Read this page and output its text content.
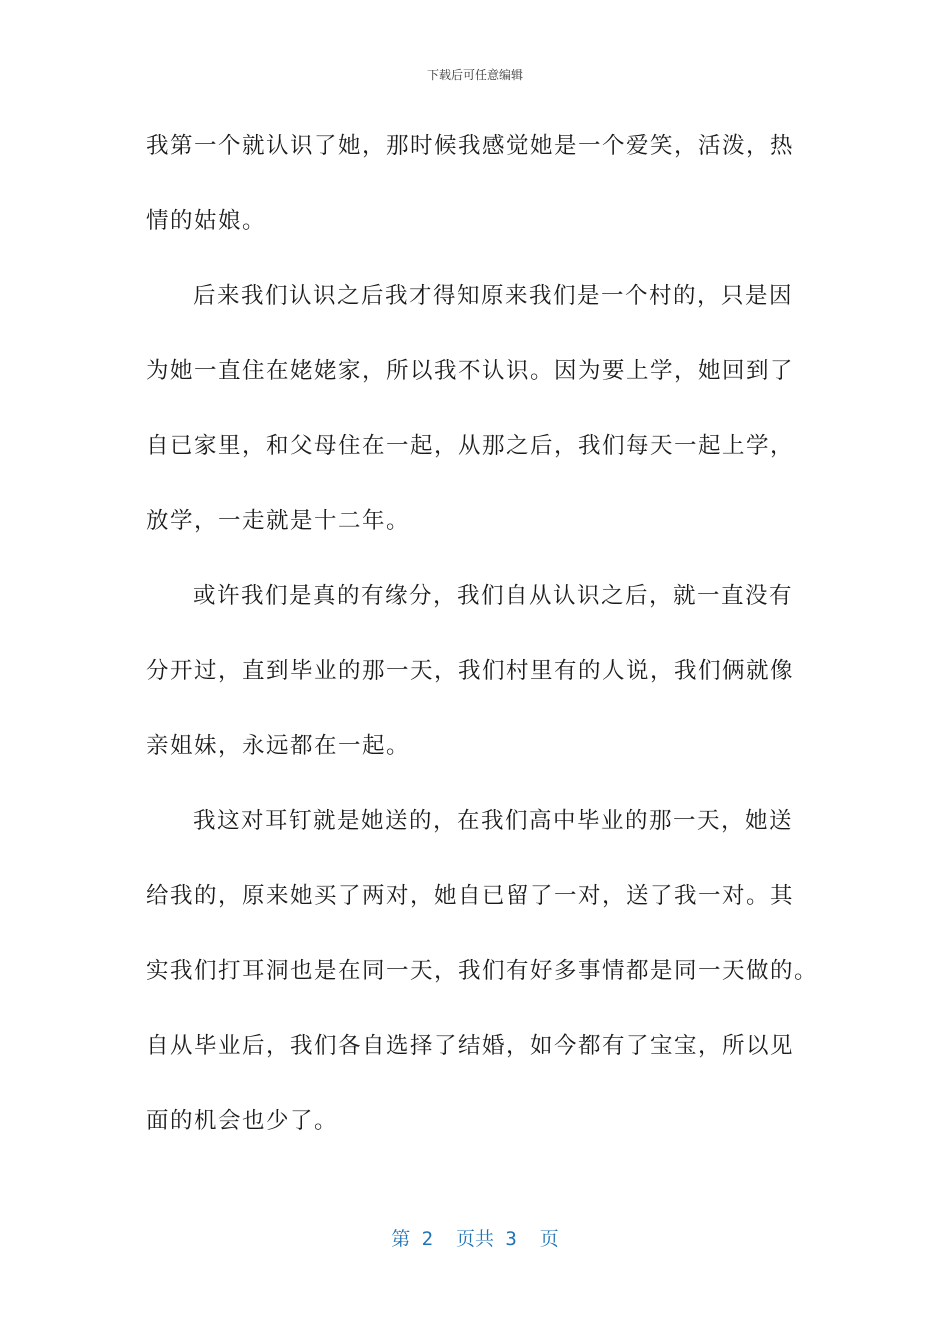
下载后可任意编辑
我第一个就认识了她，那时候我感觉她是一个爱笑，活泼，热
情的姑娘。
后来我们认识之后我才得知原来我们是一个村的，只是因
为她一直住在姥姥家，所以我不认识。因为要上学，她回到了
自已家里，和父母住在一起，从那之后，我们每天一起上学，
放学，一走就是十二年。
或许我们是真的有缘分，我们自从认识之后，就一直没有
分开过，直到毕业的那一天，我们村里有的人说，我们俩就像
亲姐妹，永远都在一起。
我这对耳钉就是她送的，在我们高中毕业的那一天，她送
给我的，原来她买了两对，她自已留了一对，送了我一对。其
实我们打耳洞也是在同一天，我们有好多事情都是同一天做的。
自从毕业后，我们各自选择了结婚，如今都有了宝宝，所以见
面的机会也少了。
第 2  页共 3  页
